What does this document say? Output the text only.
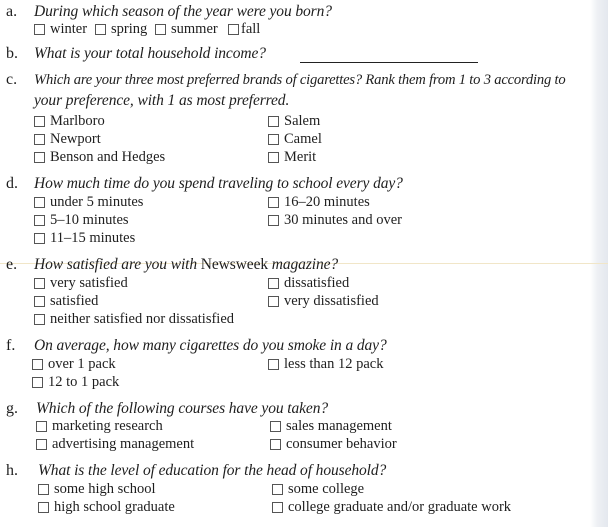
a. During which season of the year were you born?
winter spring summer fall
b. What is your total household income?
c. Which are your three most preferred brands of cigarettes? Rank them from 1 to 3 according to
your preference, with 1 as most preferred.
Marlboro
Newport
Benson and Hedges
Salem
Camel
Merit
d. How much time do you spend traveling to school every day?
under 5 minutes
5–10 minutes
11–15 minutes
16–20 minutes
30 minutes and over
e. How satisfied are you with Newsweek magazine?
very satisfied
satisfied
neither satisfied nor dissatisfied
dissatisfied
very dissatisfied
f. On average, how many cigarettes do you smoke in a day?
over 1 pack
12 to 1 pack
less than 12 pack
g. Which of the following courses have you taken?
marketing research
advertising management
sales management
consumer behavior
h. What is the level of education for the head of household?
some high school
high school graduate
some college
college graduate and/or graduate work
